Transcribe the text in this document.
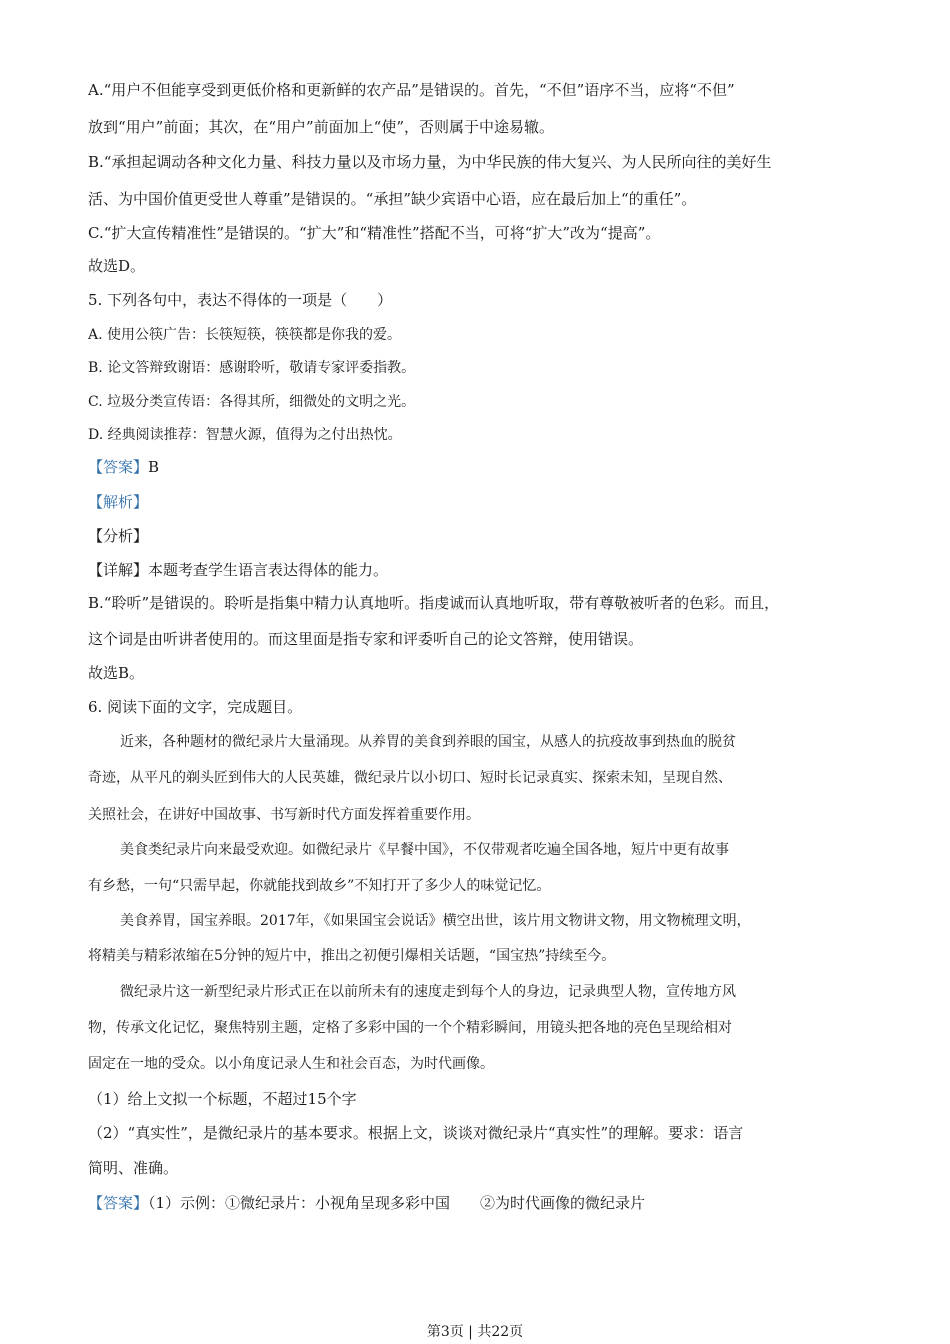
A.“用户不但能享受到更低价格和更新鲜的农产品”是错误的。首先，“不但”语序不当，应将“不但”
放到“用户”前面；其次，在“用户”前面加上“使”，否则属于中途易辙。
B.“承担起调动各种文化力量、科技力量以及市场力量，为中华民族的伟大复兴、为人民所向往的美好生
活、为中国价值更受世人尊重”是错误的。“承担”缺少宾语中心语，应在最后加上“的重任”。
C.“扩大宣传精准性”是错误的。“扩大”和“精准性”搭配不当，可将“扩大”改为“提高”。
故选D。
5. 下列各句中，表达不得体的一项是（　　）
A. 使用公筷广告：长筷短筷，筷筷都是你我的爱。
B. 论文答辩致谢语：感谢聆听，敬请专家评委指教。
C. 垃圾分类宣传语：各得其所，细微处的文明之光。
D. 经典阅读推荐：智慧火源，值得为之付出热忱。
【答案】B
【解析】
【分析】
【详解】本题考查学生语言表达得体的能力。
B.“聆听”是错误的。聆听是指集中精力认真地听。指虔诚而认真地听取，带有尊敬被听者的色彩。而且，
这个词是由听讲者使用的。而这里面是指专家和评委听自己的论文答辩，使用错误。
故选B。
6. 阅读下面的文字，完成题目。
近来，各种题材的微纪录片大量涌现。从养胃的美食到养眼的国宝，从感人的抗疫故事到热血的脱贫
奇迹，从平凡的剃头匠到伟大的人民英雄，微纪录片以小切口、短时长记录真实、探索未知，呈现自然、
关照社会，在讲好中国故事、书写新时代方面发挥着重要作用。
美食类纪录片向来最受欢迎。如微纪录片《早餐中国》，不仅带观者吃遍全国各地，短片中更有故事
有乡愁，一句“只需早起，你就能找到故乡”不知打开了多少人的味觉记忆。
美食养胃，国宝养眼。2017年，《如果国宝会说话》横空出世，该片用文物讲文物，用文物梳理文明，
将精美与精彩浓缩在5分钟的短片中，推出之初便引爆相关话题，“国宝热”持续至今。
微纪录片这一新型纪录片形式正在以前所未有的速度走到每个人的身边，记录典型人物，宣传地方风
物，传承文化记忆，聚焦特别主题，定格了多彩中国的一个个精彩瞬间，用镜头把各地的亮色呈现给相对
固定在一地的受众。以小角度记录人生和社会百态，为时代画像。
（1）给上文拟一个标题，不超过15个字
（2）“真实性”，是微纪录片的基本要求。根据上文，谈谈对微纪录片“真实性”的理解。要求：语言
简明、准确。
【答案】（1）示例：①微纪录片：小视角呈现多彩中国　　②为时代画像的微纪录片
第3页 | 共22页
